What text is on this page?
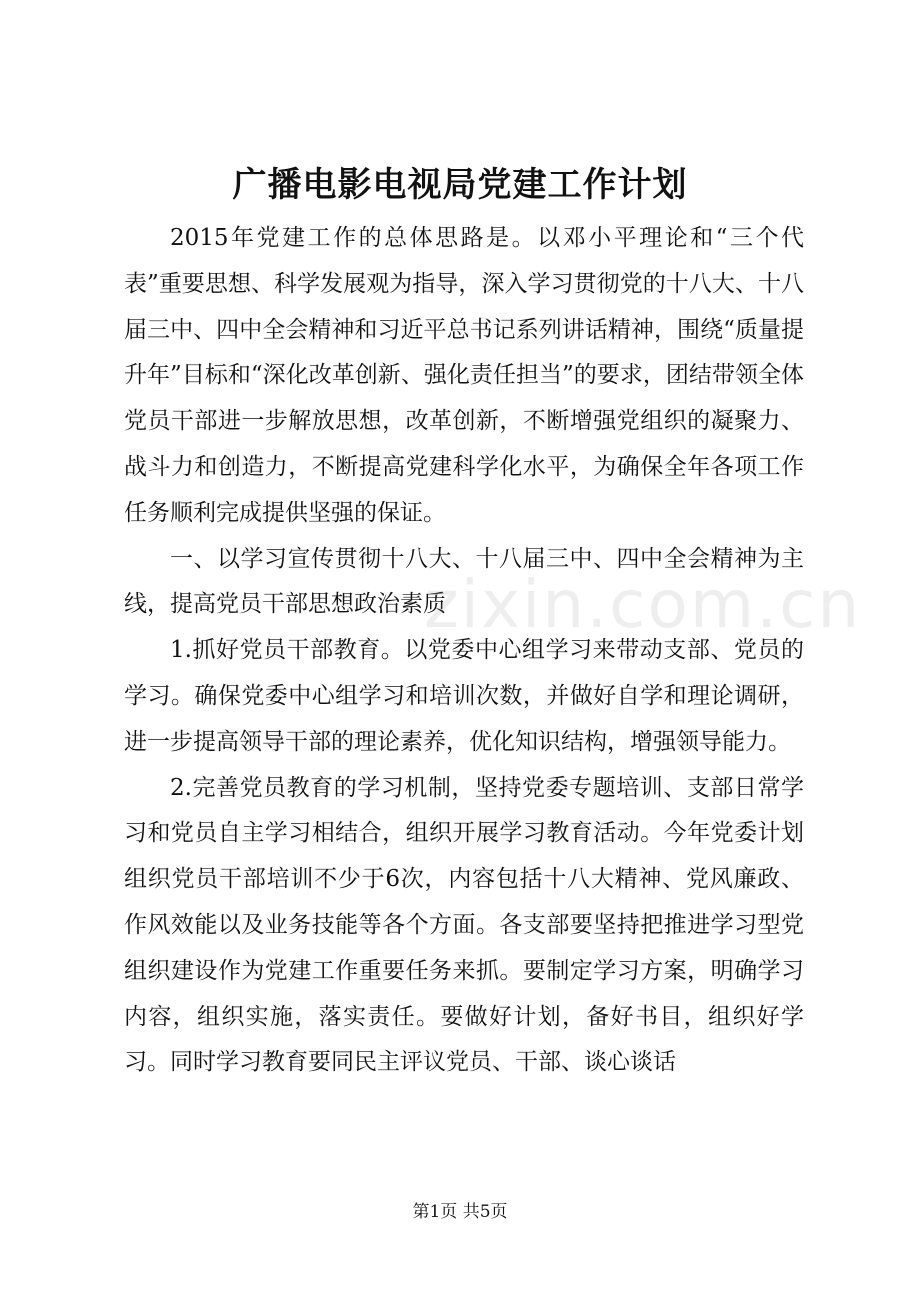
广播电影电视局党建工作计划

2015年党建工作的总体思路是。以邓小平理论和“三个代表”重要思想、科学发展观为指导，深入学习贯彻党的十八大、十八届三中、四中全会精神和习近平总书记系列讲话精神，围绕“质量提升年”目标和“深化改革创新、强化责任担当”的要求，团结带领全体党员干部进一步解放思想，改革创新，不断增强党组织的凝聚力、战斗力和创造力，不断提高党建科学化水平，为确保全年各项工作任务顺利完成提供坚强的保证。

一、以学习宣传贯彻十八大、十八届三中、四中全会精神为主线，提高党员干部思想政治素质

1.抓好党员干部教育。以党委中心组学习来带动支部、党员的学习。确保党委中心组学习和培训次数，并做好自学和理论调研，进一步提高领导干部的理论素养，优化知识结构，增强领导能力。

2.完善党员教育的学习机制，坚持党委专题培训、支部日常学习和党员自主学习相结合，组织开展学习教育活动。今年党委计划组织党员干部培训不少于6次，内容包括十八大精神、党风廉政、作风效能以及业务技能等各个方面。各支部要坚持把推进学习型党组织建设作为党建工作重要任务来抓。要制定学习方案，明确学习内容，组织实施，落实责任。要做好计划，备好书目，组织好学习。同时学习教育要同民主评议党员、干部、谈心谈话

zixin.com.cn
第1页 共5页
